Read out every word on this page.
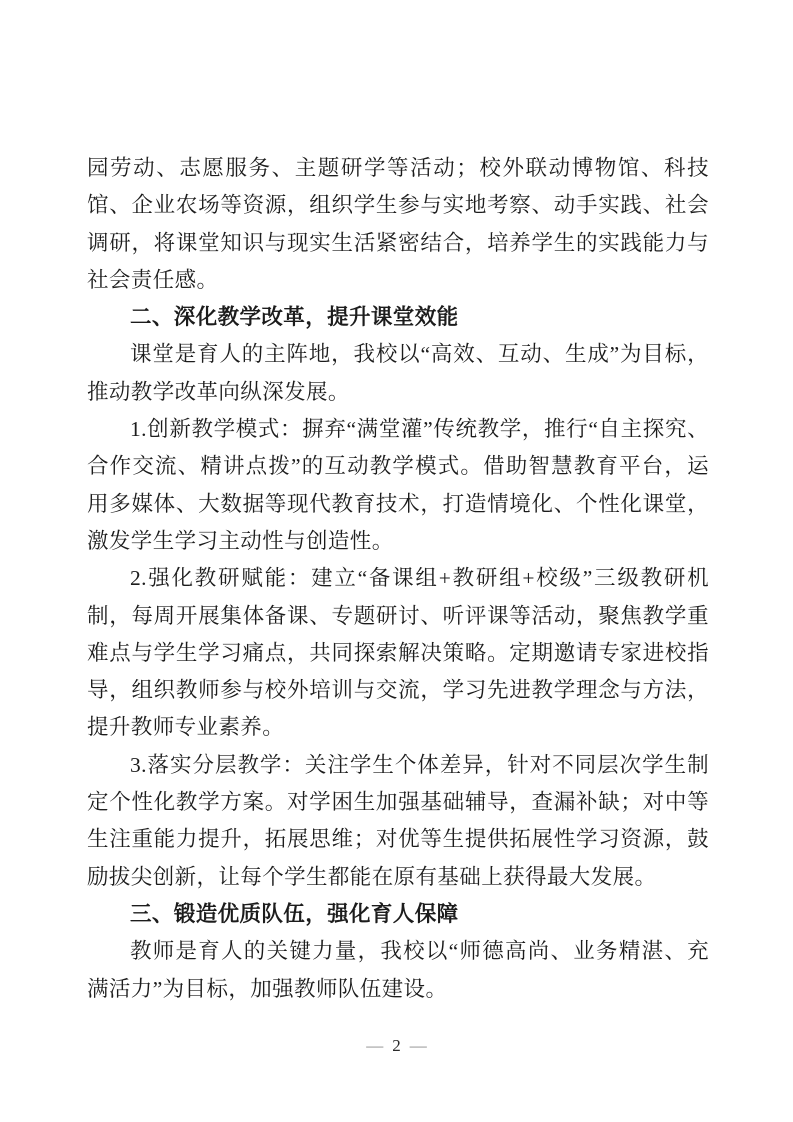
园劳动、志愿服务、主题研学等活动；校外联动博物馆、科技馆、企业农场等资源，组织学生参与实地考察、动手实践、社会调研，将课堂知识与现实生活紧密结合，培养学生的实践能力与社会责任感。

二、深化教学改革，提升课堂效能

课堂是育人的主阵地，我校以“高效、互动、生成”为目标，推动教学改革向纵深发展。

1.创新教学模式：摒弃“满堂灌”传统教学，推行“自主探究、合作交流、精讲点拨”的互动教学模式。借助智慧教育平台，运用多媒体、大数据等现代教育技术，打造情境化、个性化课堂，激发学生学习主动性与创造性。

2.强化教研赋能：建立“备课组+教研组+校级”三级教研机制，每周开展集体备课、专题研讨、听评课等活动，聚焦教学重难点与学生学习痛点，共同探索解决策略。定期邀请专家进校指导，组织教师参与校外培训与交流，学习先进教学理念与方法，提升教师专业素养。

3.落实分层教学：关注学生个体差异，针对不同层次学生制定个性化教学方案。对学困生加强基础辅导，查漏补缺；对中等生注重能力提升，拓展思维；对优等生提供拓展性学习资源，鼓励拔尖创新，让每个学生都能在原有基础上获得最大发展。

三、锻造优质队伍，强化育人保障

教师是育人的关键力量，我校以“师德高尚、业务精湛、充满活力”为目标，加强教师队伍建设。

— 2 —
